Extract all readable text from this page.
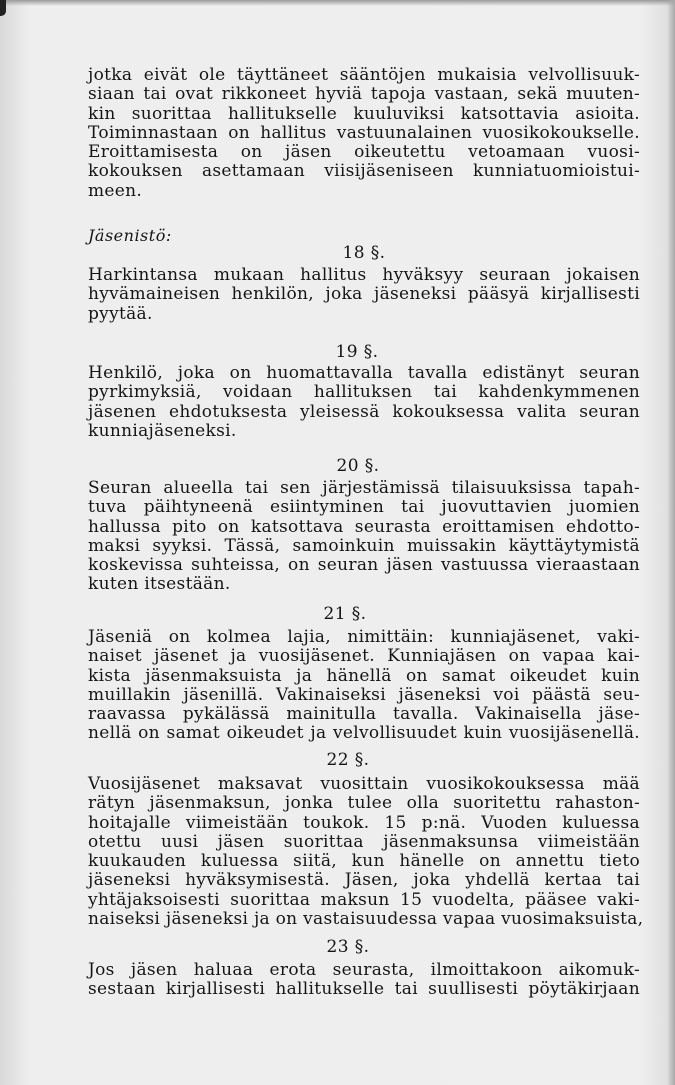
jotka eivät ole täyttäneet sääntöjen mukaisia velvollisuuk-
siaan tai ovat rikkoneet hyviä tapoja vastaan, sekä muuten-
kin suorittaa hallitukselle kuuluviksi katsottavia asioita.
Toiminnastaan on hallitus vastuunalainen vuosikokoukselle.
Eroittamisesta on jäsen oikeutettu vetoamaan vuosi-
kokouksen asettamaan viisijäseniseen kunniatuomioistui-
meen.
Jäsenistö:
18 §.
Harkintansa mukaan hallitus hyväksyy seuraan jokaisen
hyvämaineisen henkilön, joka jäseneksi pääsyä kirjallisesti
pyytää.
19 §.
Henkilö, joka on huomattavalla tavalla edistänyt seuran
pyrkimyksiä, voidaan hallituksen tai kahdenkymmenen
jäsenen ehdotuksesta yleisessä kokouksessa valita seuran
kunniajäseneksi.
20 §.
Seuran alueella tai sen järjestämissä tilaisuuksissa tapah-
tuva päihtyneenä esiintyminen tai juovuttavien juomien
hallussa pito on katsottava seurasta eroittamisen ehdotto-
maksi syyksi. Tässä, samoinkuin muissakin käyttäytymistä
koskevissa suhteissa, on seuran jäsen vastuussa vieraastaan
kuten itsestään.
21 §.
Jäseniä on kolmea lajia, nimittäin: kunniajäsenet, vaki-
naiset jäsenet ja vuosijäsenet. Kunniajäsen on vapaa kai-
kista jäsenmaksuista ja hänellä on samat oikeudet kuin
muillakin jäsenillä. Vakinaiseksi jäseneksi voi päästä seu-
raavassa pykälässä mainitulla tavalla. Vakinaisella jäse-
nellä on samat oikeudet ja velvollisuudet kuin vuosijäsenellä.
22 §.
Vuosijäsenet maksavat vuosittain vuosikokouksessa mää
rätyn jäsenmaksun, jonka tulee olla suoritettu rahaston-
hoitajalle viimeistään toukok. 15 p:nä. Vuoden kuluessa
otettu uusi jäsen suorittaa jäsenmaksunsa viimeistään
kuukauden kuluessa siitä, kun hänelle on annettu tieto
jäseneksi hyväksymisestä. Jäsen, joka yhdellä kertaa tai
yhtäjaksoisesti suorittaa maksun 15 vuodelta, pääsee vaki-
naiseksi jäseneksi ja on vastaisuudessa vapaa vuosimaksuista,
23 §.
Jos jäsen haluaa erota seurasta, ilmoittakoon aikomuk-
sestaan kirjallisesti hallitukselle tai suullisesti pöytäkirjaan
